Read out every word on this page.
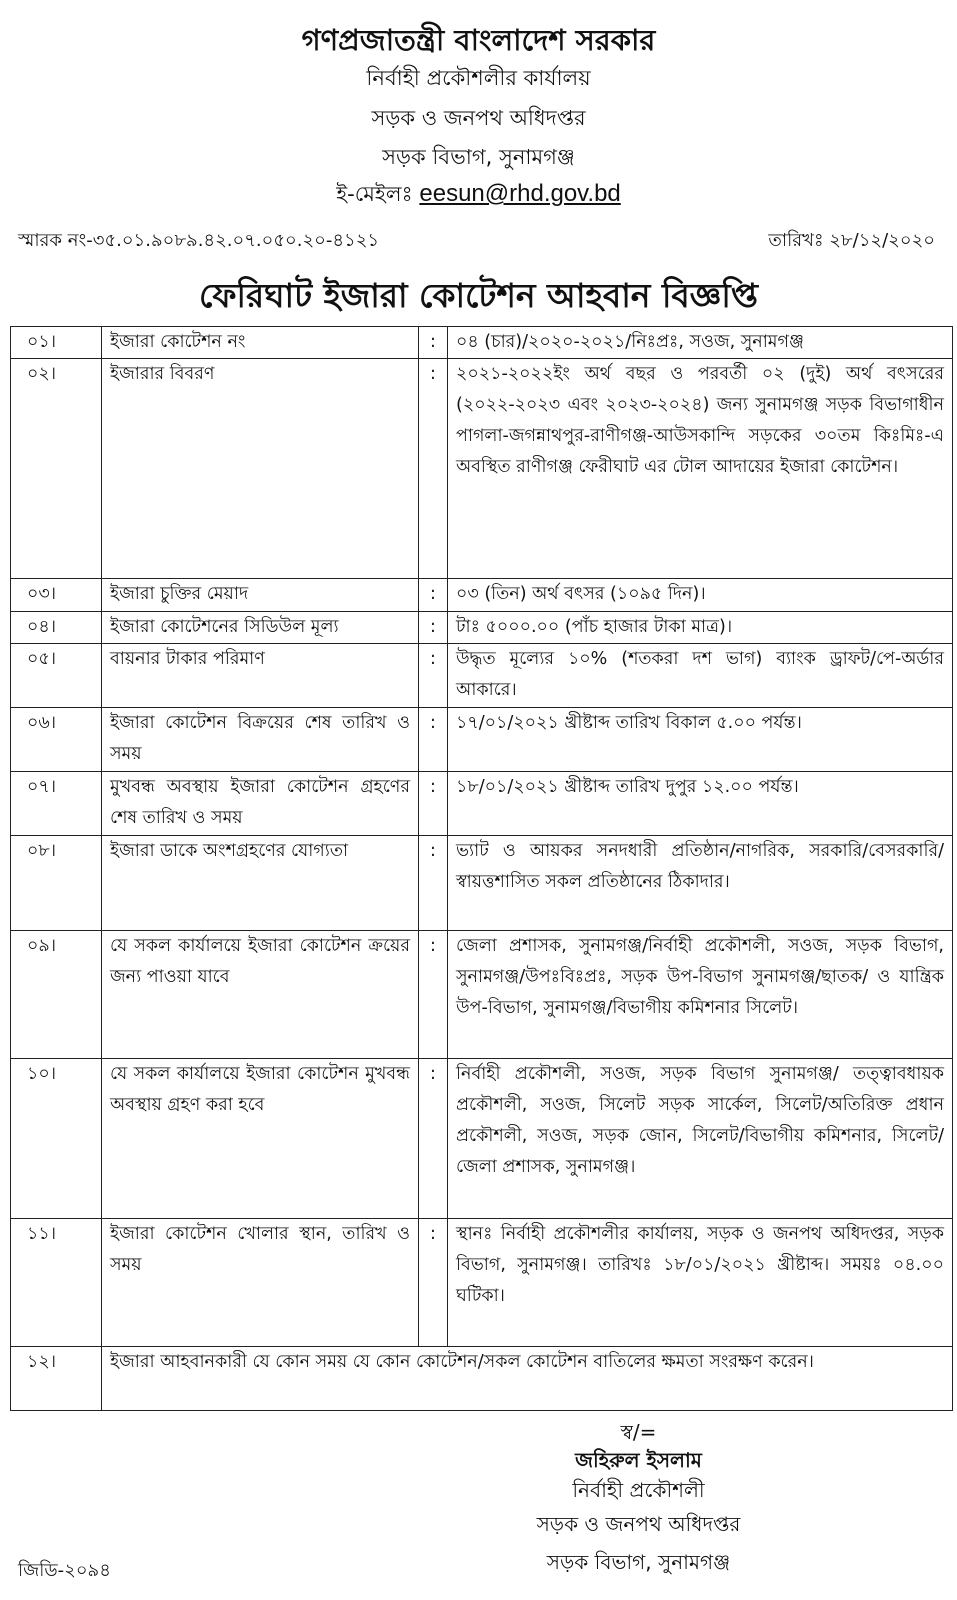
গণপ্রজাতন্ত্রী বাংলাদেশ সরকার
নির্বাহী প্রকৌশলীর কার্যালয়
সড়ক ও জনপথ অধিদপ্তর
সড়ক বিভাগ, সুনামগঞ্জ
ই-মেইলঃ eesun@rhd.gov.bd
স্মারক নং-৩৫.০১.৯০৮৯.৪২.০৭.০৫০.২০-৪১২১	তারিখঃ ২৮/১২/২০২০
ফেরিঘাট ইজারা কোটেশন আহবান বিজ্ঞপ্তি
০১।	ইজারা কোটেশন নং	:	০৪ (চার)/২০২০-২০২১/নিঃপ্রঃ, সওজ, সুনামগঞ্জ
০২।	ইজারার বিবরণ	:	২০২১-২০২২ইং অর্থ বছর ও পরবর্তী ০২ (দুই) অর্থ বৎসরের (২০২২-২০২৩ এবং ২০২৩-২০২৪) জন্য সুনামগঞ্জ সড়ক বিভাগাধীন পাগলা-জগন্নাথপুর-রাণীগঞ্জ-আউসকান্দি সড়কের ৩০তম কিঃমিঃ-এ অবস্থিত রাণীগঞ্জ ফেরীঘাট এর টোল আদায়ের ইজারা কোটেশন।
০৩।	ইজারা চুক্তির মেয়াদ	:	০৩ (তিন) অর্থ বৎসর (১০৯৫ দিন)।
০৪।	ইজারা কোটেশনের সিডিউল মূল্য	:	টাঃ ৫০০০.০০ (পাঁচ হাজার টাকা মাত্র)।
০৫।	বায়নার টাকার পরিমাণ	:	উদ্ধৃত মূল্যের ১০% (শতকরা দশ ভাগ) ব্যাংক ড্রাফট/পে-অর্ডার আকারে।
০৬।	ইজারা কোটেশন বিক্রয়ের শেষ তারিখ ও সময়	:	১৭/০১/২০২১ খ্রীষ্টাব্দ তারিখ বিকাল ৫.০০ পর্যন্ত।
০৭।	মুখবন্ধ অবস্থায় ইজারা কোটেশন গ্রহণের শেষ তারিখ ও সময়	:	১৮/০১/২০২১ খ্রীষ্টাব্দ তারিখ দুপুর ১২.০০ পর্যন্ত।
০৮।	ইজারা ডাকে অংশগ্রহণের যোগ্যতা	:	ভ্যাট ও আয়কর সনদধারী প্রতিষ্ঠান/নাগরিক, সরকারি/বেসরকারি/স্বায়ত্তশাসিত সকল প্রতিষ্ঠানের ঠিকাদার।
০৯।	যে সকল কার্যালয়ে ইজারা কোটেশন ক্রয়ের জন্য পাওয়া যাবে	:	জেলা প্রশাসক, সুনামগঞ্জ/নির্বাহী প্রকৌশলী, সওজ, সড়ক বিভাগ, সুনামগঞ্জ/উপঃবিঃপ্রঃ, সড়ক উপ-বিভাগ সুনামগঞ্জ/ছাতক/ ও যান্ত্রিক উপ-বিভাগ, সুনামগঞ্জ/বিভাগীয় কমিশনার সিলেট।
১০।	যে সকল কার্যালয়ে ইজারা কোটেশন মুখবন্ধ অবস্থায় গ্রহণ করা হবে	:	নির্বাহী প্রকৌশলী, সওজ, সড়ক বিভাগ সুনামগঞ্জ/ তত্ত্বাবধায়ক প্রকৌশলী, সওজ, সিলেট সড়ক সার্কেল, সিলেট/অতিরিক্ত প্রধান প্রকৌশলী, সওজ, সড়ক জোন, সিলেট/বিভাগীয় কমিশনার, সিলেট/জেলা প্রশাসক, সুনামগঞ্জ।
১১।	ইজারা কোটেশন খোলার স্থান, তারিখ ও সময়	:	স্থানঃ নির্বাহী প্রকৌশলীর কার্যালয়, সড়ক ও জনপথ অধিদপ্তর, সড়ক বিভাগ, সুনামগঞ্জ। তারিখঃ ১৮/০১/২০২১ খ্রীষ্টাব্দ। সময়ঃ ০৪.০০ ঘটিকা।
১২।	ইজারা আহবানকারী যে কোন সময় যে কোন কোটেশন/সকল কোটেশন বাতিলের ক্ষমতা সংরক্ষণ করেন।		
স্ব/=
জহিরুল ইসলাম
নির্বাহী প্রকৌশলী
সড়ক ও জনপথ অধিদপ্তর
সড়ক বিভাগ, সুনামগঞ্জ
জিডি-২০৯৪
